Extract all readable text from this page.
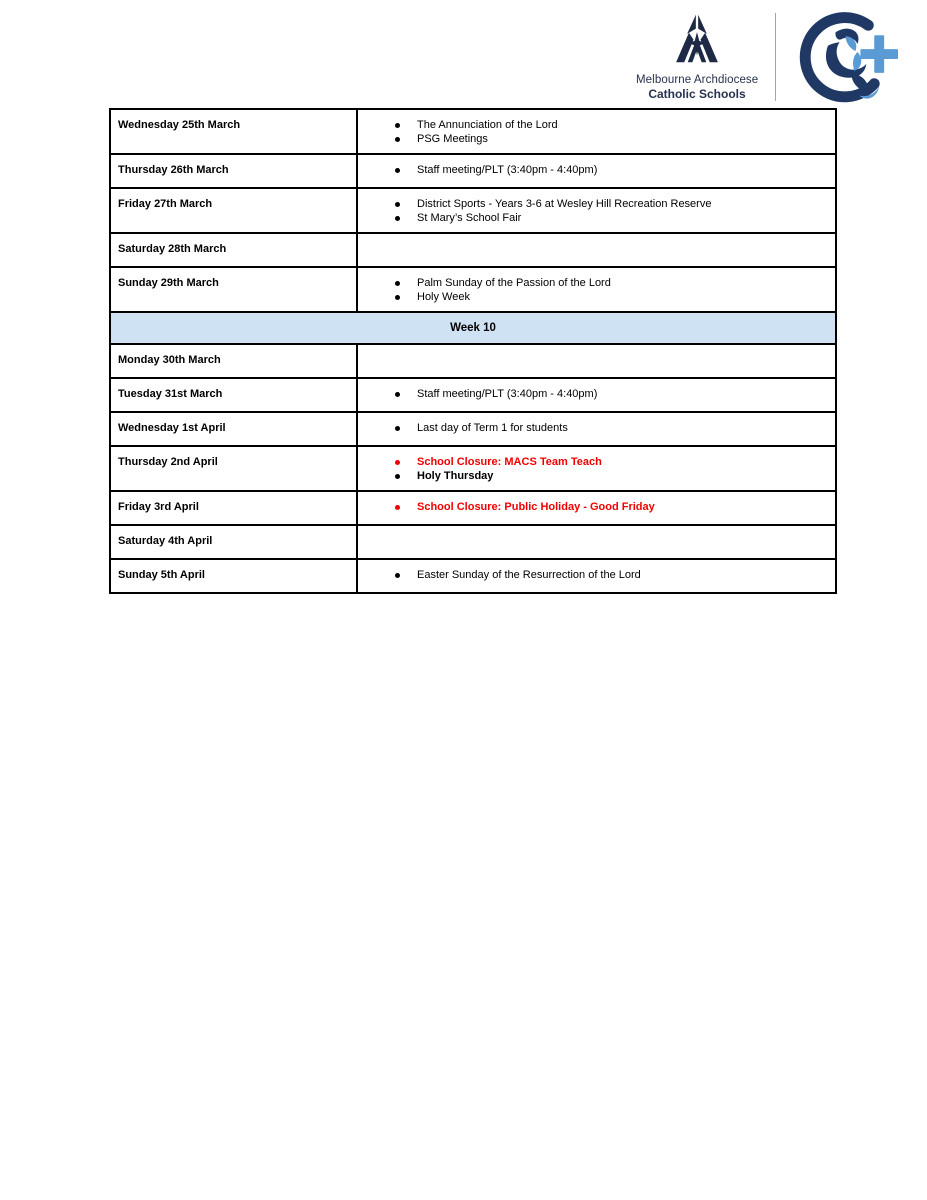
Melbourne Archdiocese
Catholic Schools
Wednesday 25th March	The Annunciation of the Lord
PSG Meetings

Thursday 26th March	Staff meeting/PLT (3:40pm - 4:40pm)

Friday 27th March	District Sports - Years 3-6 at Wesley Hill Recreation Reserve
St Mary’s School Fair

Saturday 28th March	
Sunday 29th March	Palm Sunday of the Passion of the Lord
Holy Week

Week 10	
Monday 30th March	
Tuesday 31st March	Staff meeting/PLT (3:40pm - 4:40pm)

Wednesday 1st April	Last day of Term 1 for students

Thursday 2nd April	School Closure: MACS Team Teach
Holy Thursday

Friday 3rd April	School Closure: Public Holiday - Good Friday

Saturday 4th April	
Sunday 5th April	Easter Sunday of the Resurrection of the Lord
